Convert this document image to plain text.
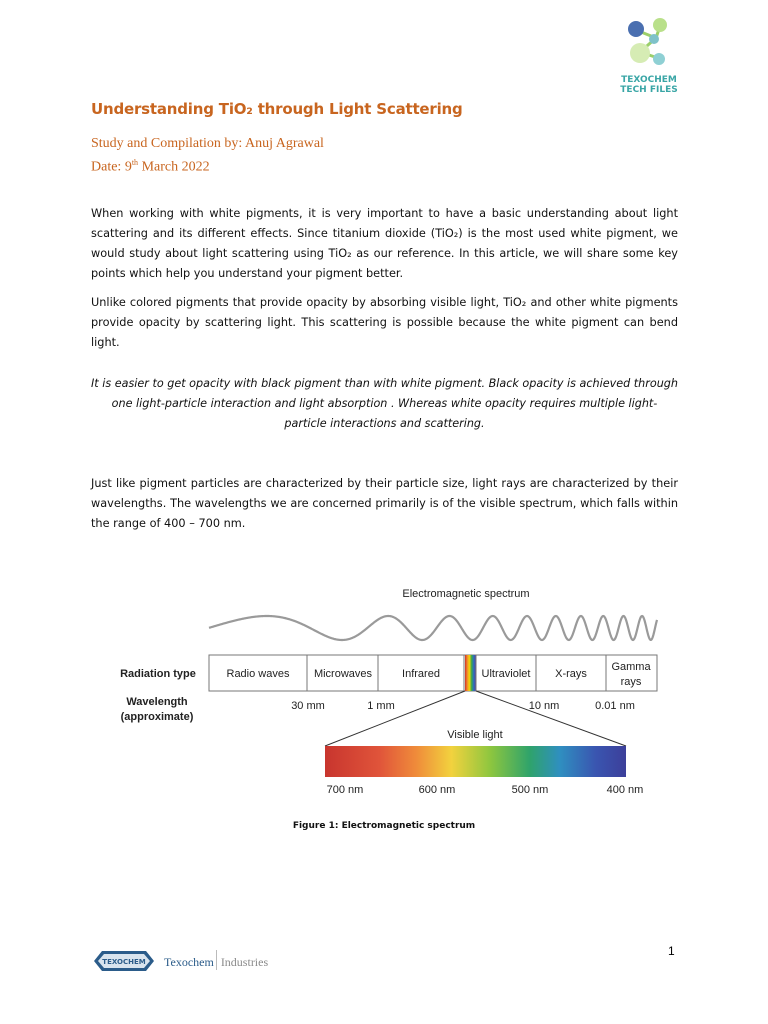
TEXOCHEM
TECH FILES
Understanding TiO₂ through Light Scattering
Study and Compilation by: Anuj Agrawal
Date: 9th March 2022
When working with white pigments, it is very important to have a basic understanding about light scattering and its different effects. Since titanium dioxide (TiO₂) is the most used white pigment, we would study about light scattering using TiO₂ as our reference. In this article, we will share some key points which help you understand your pigment better.
Unlike colored pigments that provide opacity by absorbing visible light, TiO₂ and other white pigments provide opacity by scattering light. This scattering is possible because the white pigment can bend light.
It is easier to get opacity with black pigment than with white pigment. Black opacity is achieved through one light-particle interaction and light absorption . Whereas white opacity requires multiple light-particle interactions and scattering.
Just like pigment particles are characterized by their particle size, light rays are characterized by their wavelengths. The wavelengths we are concerned primarily is of the visible spectrum, which falls within the range of 400 – 700 nm.
Electromagnetic spectrum
Radiation type	Radio waves Microwaves	Infrared	Ultraviolet X-rays
Gamma
rays
Wavelength
(approximate)
30 mm	1 mm	10 nm	0.01 nm
Visible light
700 nm	600 nm	500 nm	400 nm
Figure 1: Electromagnetic spectrum
1
TEXOCHEM Texochem Industries
